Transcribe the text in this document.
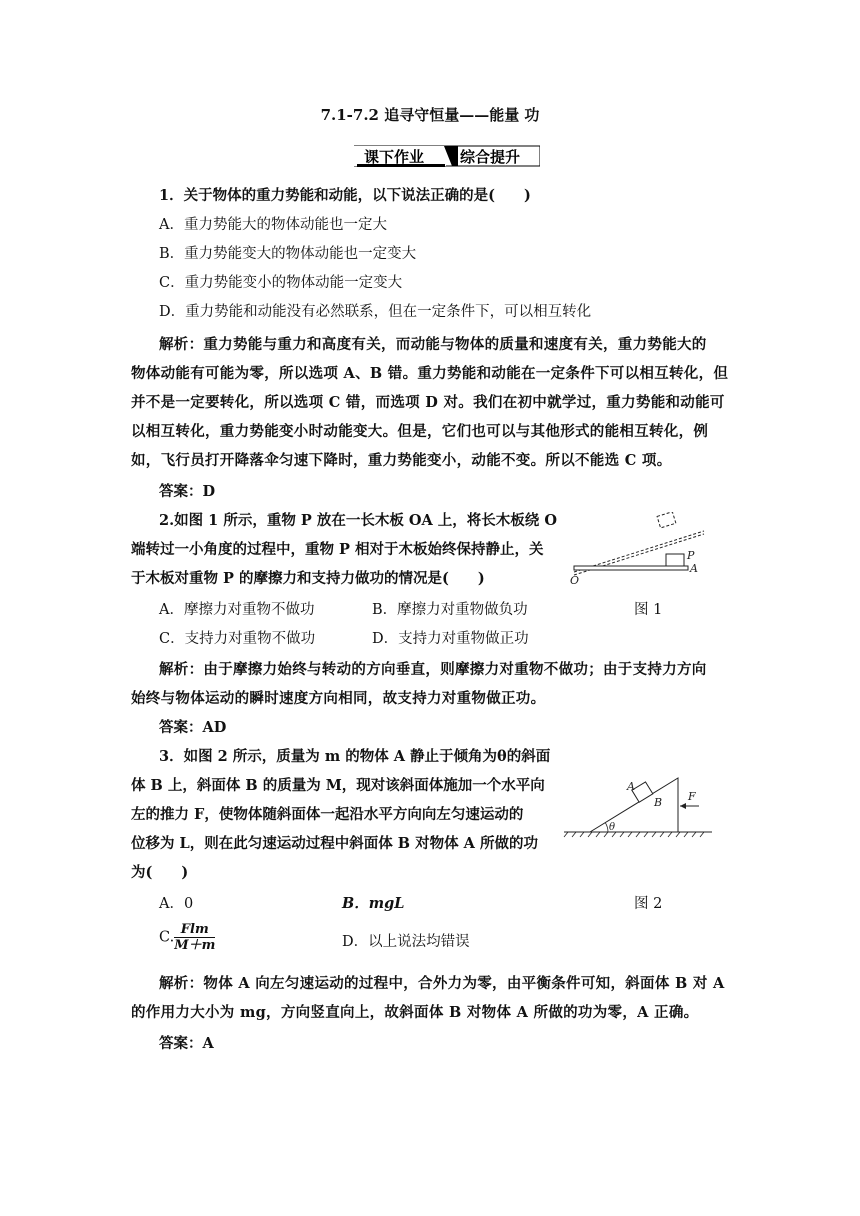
7.1-7.2 追寻守恒量——能量 功
课下作业 综合提升
1．关于物体的重力势能和动能，以下说法正确的是(　　)
A．重力势能大的物体动能也一定大
B．重力势能变大的物体动能也一定变大
C．重力势能变小的物体动能一定变大
D．重力势能和动能没有必然联系，但在一定条件下，可以相互转化
解析：重力势能与重力和高度有关，而动能与物体的质量和速度有关，重力势能大的
物体动能有可能为零，所以选项 A、B 错。重力势能和动能在一定条件下可以相互转化，但
并不是一定要转化，所以选项 C 错，而选项 D 对。我们在初中就学过，重力势能和动能可
以相互转化，重力势能变小时动能变大。但是，它们也可以与其他形式的能相互转化，例
如，飞行员打开降落伞匀速下降时，重力势能变小，动能不变。所以不能选 C 项。
答案：D
2.如图 1 所示，重物 P 放在一长木板 OA 上，将长木板绕 O
端转过一小角度的过程中，重物 P 相对于木板始终保持静止，关
于木板对重物 P 的摩擦力和支持力做功的情况是(　　)
P
A
O
A．摩擦力对重物不做功	B．摩擦力对重物做负功	图 1
C．支持力对重物不做功	D．支持力对重物做正功
解析：由于摩擦力始终与转动的方向垂直，则摩擦力对重物不做功；由于支持力方向
始终与物体运动的瞬时速度方向相同，故支持力对重物做正功。
答案：AD
3．如图 2 所示，质量为 m 的物体 A 静止于倾角为θ的斜面
体 B 上，斜面体 B 的质量为 M，现对该斜面体施加一个水平向
左的推力 F，使物体随斜面体一起沿水平方向向左匀速运动的
位移为 L，则在此匀速运动过程中斜面体 B 对物体 A 所做的功
为(　　)
θ
A
B F
A．0	B．mgL	图 2
C. $\frac{\text{Flm}}{M+m}$	D．以上说法均错误
解析：物体 A 向左匀速运动的过程中，合外力为零，由平衡条件可知，斜面体 B 对 A
的作用力大小为 mg，方向竖直向上，故斜面体 B 对物体 A 所做的功为零，A 正确。
答案：A
